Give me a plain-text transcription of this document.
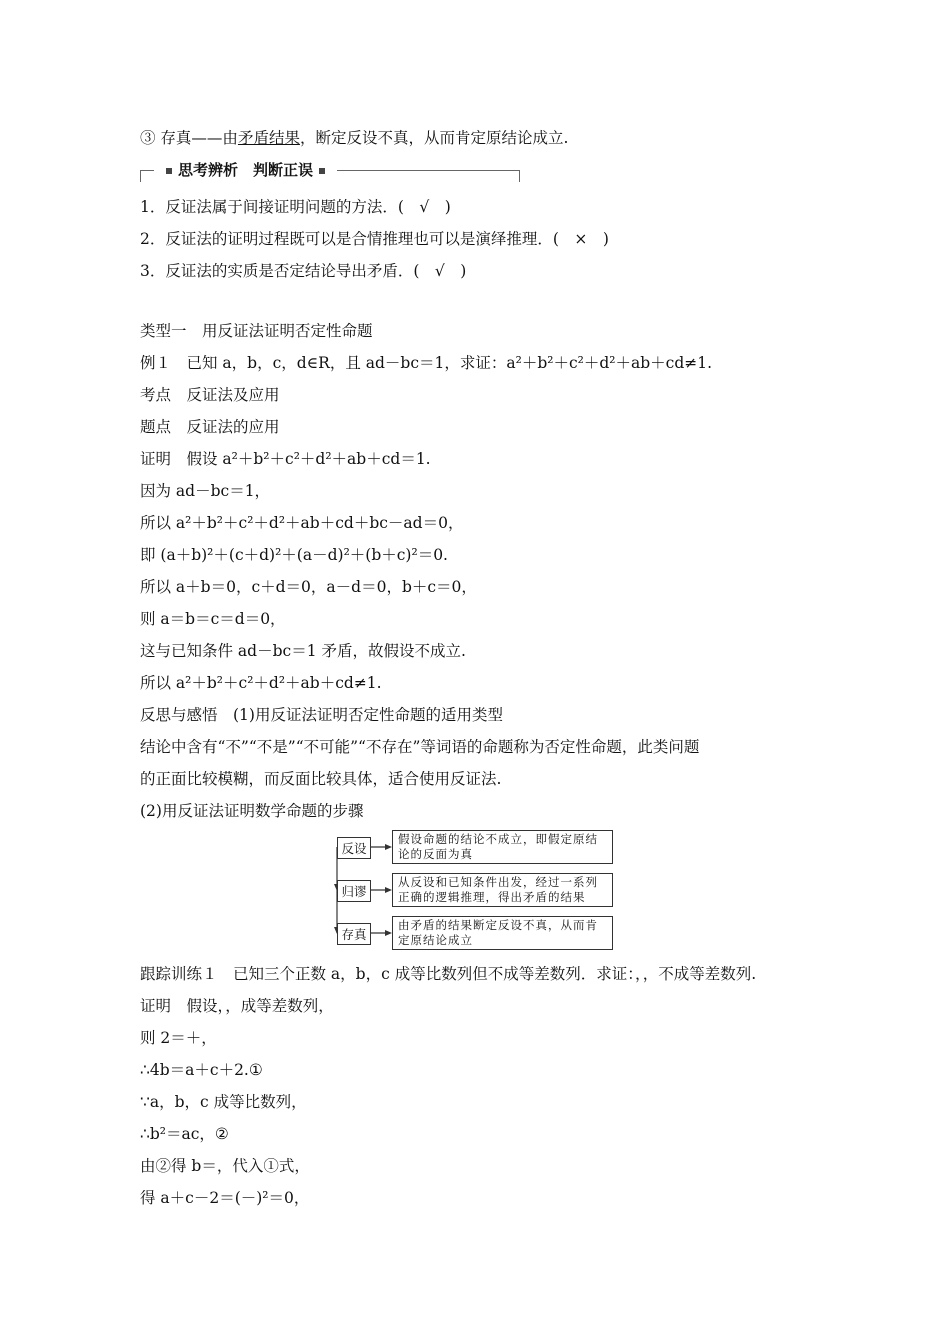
③ 存真——由矛盾结果，断定反设不真，从而肯定原结论成立.
思考辨析　判断正误
1．反证法属于间接证明问题的方法．(　√　)
2．反证法的证明过程既可以是合情推理也可以是演绎推理．(　×　)
3．反证法的实质是否定结论导出矛盾．(　√　)
类型一　用反证法证明否定性命题
例１　已知 a，b，c，d∈R，且 ad－bc＝1，求证：a²＋b²＋c²＋d²＋ab＋cd≠1.
考点　反证法及应用
题点　反证法的应用
证明　假设 a²＋b²＋c²＋d²＋ab＋cd＝1.
因为 ad－bc＝1，
所以 a²＋b²＋c²＋d²＋ab＋cd＋bc－ad＝0，
即 (a＋b)²＋(c＋d)²＋(a－d)²＋(b＋c)²＝0.
所以 a＋b＝0，c＋d＝0，a－d＝0，b＋c＝0，
则 a＝b＝c＝d＝0，
这与已知条件 ad－bc＝1 矛盾，故假设不成立.
所以 a²＋b²＋c²＋d²＋ab＋cd≠1.
反思与感悟　(1)用反证法证明否定性命题的适用类型
结论中含有“不”“不是”“不可能”“不存在”等词语的命题称为否定性命题，此类问题
的正面比较模糊，而反面比较具体，适合使用反证法.
(2)用反证法证明数学命题的步骤
反设
假设命题的结论不成立，即假定原结论的反面为真
归谬
从反设和已知条件出发，经过一系列正确的逻辑推理，得出矛盾的结果
存真
由矛盾的结果断定反设不真，从而肯定原结论成立
跟踪训练１　已知三个正数 a，b，c 成等比数列但不成等差数列．求证：，，不成等差数列.
证明　假设，，成等差数列，
则 2＝＋，
∴4b＝a＋c＋2.①
∵a，b，c 成等比数列，
∴b²＝ac，②
由②得 b＝，代入①式，
得 a＋c－2＝(－)²＝0，
